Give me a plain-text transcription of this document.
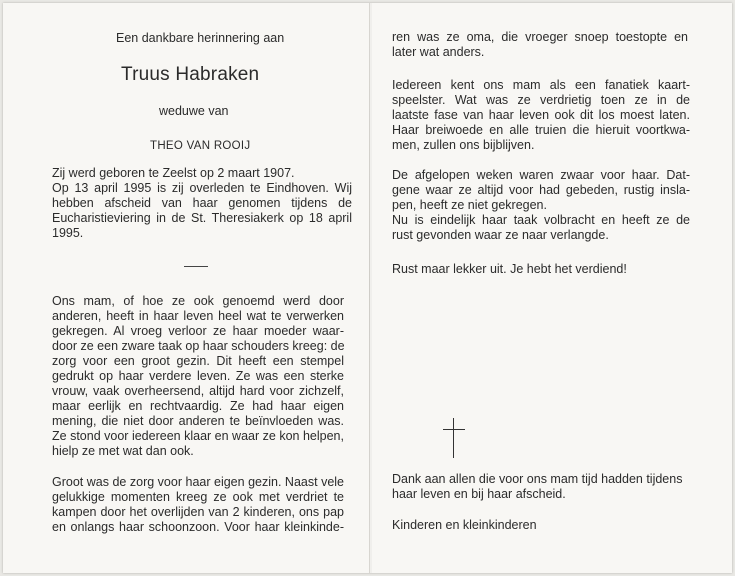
Een dankbare herinnering aan
Truus Habraken
weduwe van
THEO VAN ROOIJ
Zij werd geboren te Zeelst op 2 maart 1907.
Op 13 april 1995 is zij overleden te Eindhoven. Wij
hebben afscheid van haar genomen tijdens de
Eucharistieviering in de St. Theresiakerk op 18 april
1995.
Ons mam, of hoe ze ook genoemd werd door
anderen, heeft in haar leven heel wat te verwerken
gekregen. Al vroeg verloor ze haar moeder waar-
door ze een zware taak op haar schouders kreeg: de
zorg voor een groot gezin. Dit heeft een stempel
gedrukt op haar verdere leven. Ze was een sterke
vrouw, vaak overheersend, altijd hard voor zichzelf,
maar eerlijk en rechtvaardig. Ze had haar eigen
mening, die niet door anderen te beïnvloeden was.
Ze stond voor iedereen klaar en waar ze kon helpen,
hielp ze met wat dan ook.
Groot was de zorg voor haar eigen gezin. Naast vele
gelukkige momenten kreeg ze ook met verdriet te
kampen door het overlijden van 2 kinderen, ons pap
en onlangs haar schoonzoon. Voor haar kleinkinde-
ren was ze oma, die vroeger snoep toestopte en
later wat anders.
Iedereen kent ons mam als een fanatiek kaart-
speelster. Wat was ze verdrietig toen ze in de
laatste fase van haar leven ook dit los moest laten.
Haar breiwoede en alle truien die hieruit voortkwa-
men, zullen ons bijblijven.
De afgelopen weken waren zwaar voor haar. Dat-
gene waar ze altijd voor had gebeden, rustig insla-
pen, heeft ze niet gekregen.
Nu is eindelijk haar taak volbracht en heeft ze de
rust gevonden waar ze naar verlangde.
Rust maar lekker uit. Je hebt het verdiend!
Dank aan allen die voor ons mam tijd hadden tijdens
haar leven en bij haar afscheid.
Kinderen en kleinkinderen
